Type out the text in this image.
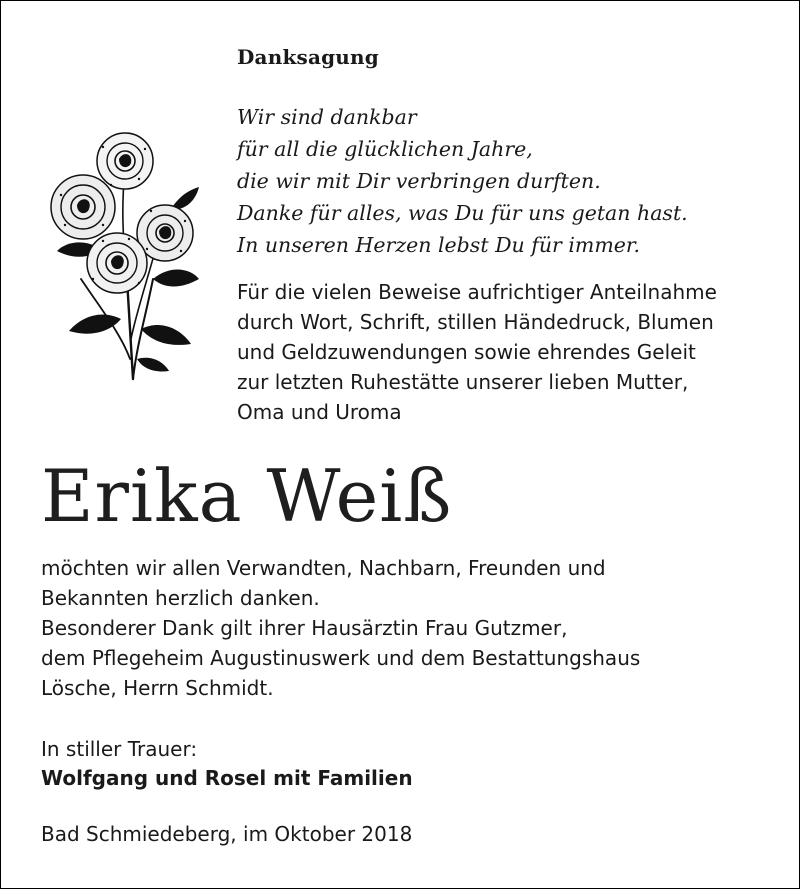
Danksagung
Wir sind dankbar
für all die glücklichen Jahre,
die wir mit Dir verbringen durften.
Danke für alles, was Du für uns getan hast.
In unseren Herzen lebst Du für immer.
Für die vielen Beweise aufrichtiger Anteilnahme
durch Wort, Schrift, stillen Händedruck, Blumen
und Geldzuwendungen sowie ehrendes Geleit
zur letzten Ruhestätte unserer lieben Mutter,
Oma und Uroma
Erika Weiß
möchten wir allen Verwandten, Nachbarn, Freunden und
Bekannten herzlich danken.
Besonderer Dank gilt ihrer Hausärztin Frau Gutzmer,
dem Pflegeheim Augustinuswerk und dem Bestattungshaus
Lösche, Herrn Schmidt.
In stiller Trauer:
Wolfgang und Rosel mit Familien
Bad Schmiedeberg, im Oktober 2018
